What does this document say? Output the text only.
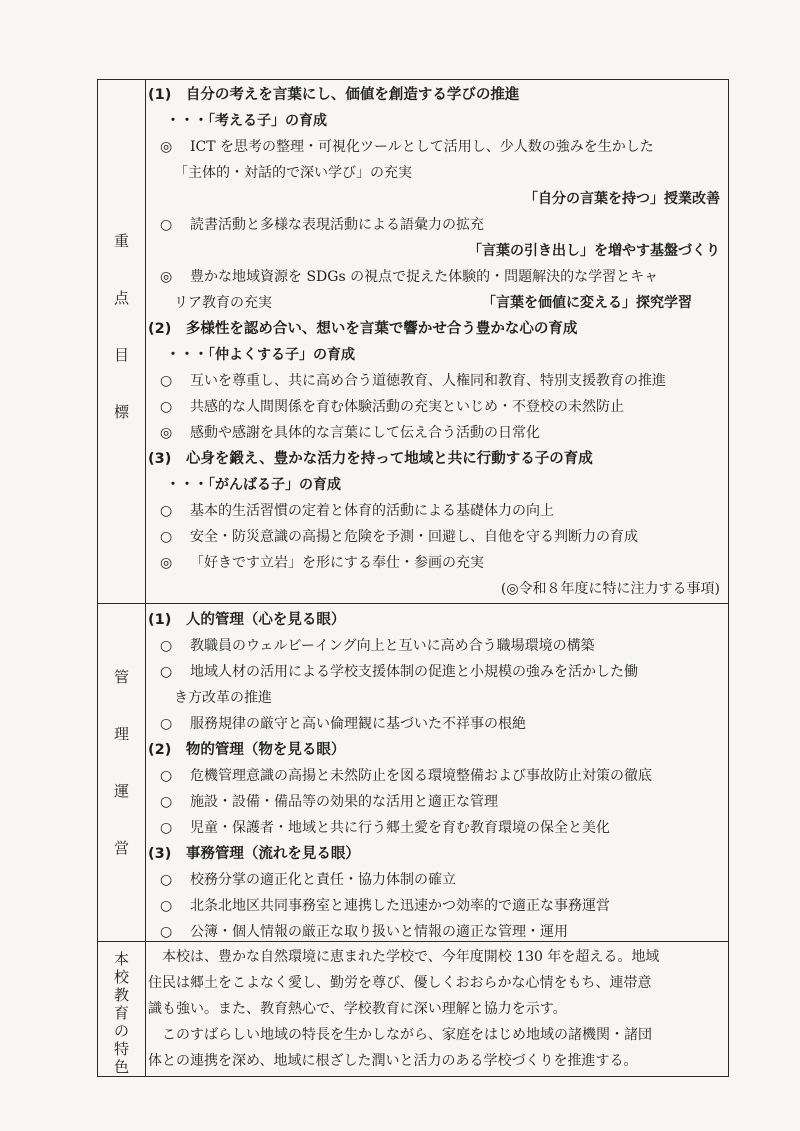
重
点
目
標
(1)　自分の考えを言葉にし、価値を創造する学びの推進
・・・「考える子」の育成
◎ ICT を思考の整理・可視化ツールとして活用し、少人数の強みを生かした
「主体的・対話的で深い学び」の充実
「自分の言葉を持つ」授業改善
○ 読書活動と多様な表現活動による語彙力の拡充
「言葉の引き出し」を増やす基盤づくり
◎ 豊かな地域資源を SDGs の視点で捉えた体験的・問題解決的な学習とキャ
リア教育の充実	「言葉を価値に変える」探究学習
(2)　多様性を認め合い、想いを言葉で響かせ合う豊かな心の育成
・・・「仲よくする子」の育成
○ 互いを尊重し、共に高め合う道徳教育、人権同和教育、特別支援教育の推進
○ 共感的な人間関係を育む体験活動の充実といじめ・不登校の未然防止
◎ 感動や感謝を具体的な言葉にして伝え合う活動の日常化
(3)　心身を鍛え、豊かな活力を持って地域と共に行動する子の育成
・・・「がんばる子」の育成
○ 基本的生活習慣の定着と体育的活動による基礎体力の向上
○ 安全・防災意識の高揚と危険を予測・回避し、自他を守る判断力の育成
◎ 「好きです立岩」を形にする奉仕・参画の充実
(◎令和８年度に特に注力する事項)
管
理
運
営
(1)　人的管理（心を見る眼）
○ 教職員のウェルビーイング向上と互いに高め合う職場環境の構築
○ 地域人材の活用による学校支援体制の促進と小規模の強みを活かした働
き方改革の推進
○ 服務規律の厳守と高い倫理観に基づいた不祥事の根絶
(2)　物的管理（物を見る眼）
○ 危機管理意識の高揚と未然防止を図る環境整備および事故防止対策の徹底
○ 施設・設備・備品等の効果的な活用と適正な管理
○ 児童・保護者・地域と共に行う郷土愛を育む教育環境の保全と美化
(3)　事務管理（流れを見る眼）
○ 校務分掌の適正化と責任・協力体制の確立
○ 北条北地区共同事務室と連携した迅速かつ効率的で適正な事務運営
○ 公簿・個人情報の厳正な取り扱いと情報の適正な管理・運用
本
校
教
育
の
特
色
本校は、豊かな自然環境に恵まれた学校で、今年度開校 130 年を超える。地域
住民は郷土をこよなく愛し、勤労を尊び、優しくおおらかな心情をもち、連帯意
識も強い。また、教育熱心で、学校教育に深い理解と協力を示す。
このすばらしい地域の特長を生かしながら、家庭をはじめ地域の諸機関・諸団
体との連携を深め、地域に根ざした潤いと活力のある学校づくりを推進する。
